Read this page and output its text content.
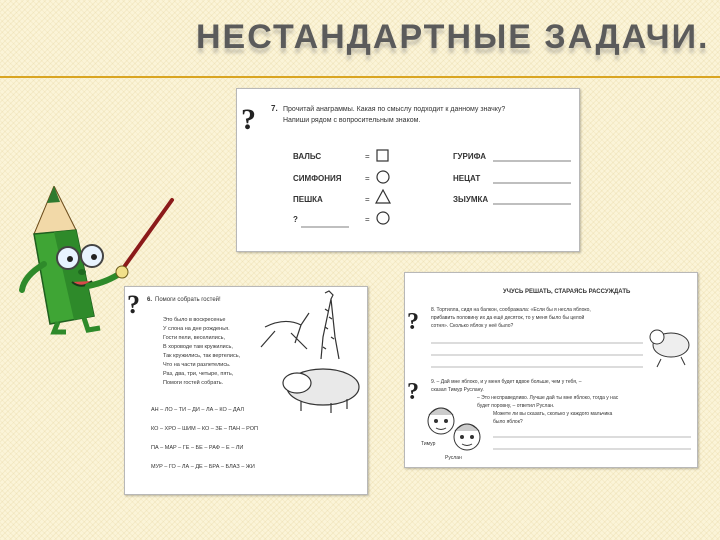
НЕСТАНДАРТНЫЕ ЗАДАЧИ.
? 7. Прочитай анаграммы. Какая по смыслу подходит к данному значку?
Напиши рядом с вопросительным знаком.
ВАЛЬС
СИМФОНИЯ
ПЕШКА
?
=
=
=
=
ГУРИФА
НЕЦАТ
ЗЫУМКА
? 6. Помоги собрать гостей!
Это было в воскресенье
У слона на дне рожденья.
Гости пели, веселились,
В хороводе там кружились,
Так кружились, так вертелись,
Что на части разлетелись.
Раз, два, три, четыре, пять,
Помоги гостей собрать.
АН – ЛО – ТИ – ДИ – ЛА – КО – ДАЛ
КО – ХРО – ШИМ – КО – ЗЕ – ПАН – РОП
ПА – МАР – ГЕ – БЕ – РАФ – Е – ЛИ
МУР – ГО – ЛА – ДЕ – БРА – БЛАЗ – ЖИ
УЧУСЬ РЕШАТЬ, СТАРАЯСЬ РАССУЖДАТЬ
? 8. Тортилла, сидя на балкон, соображала: «Если бы я несла яблоко,
прибавить половину их да ещё десяток, то у меня было бы целой
сотня». Сколько яблок у неё было?
? 9. – Дай мне яблоко, и у меня будет вдвое больше, чем у тебя, –
сказал Тимур Руслану.
– Это несправедливо. Лучше дай ты мне яблоко, тогда у нас
будет поровну, – ответил Руслан.
Можете ли вы сказать, сколько у каждого мальчика
было яблок?
Тимур
Руслан
